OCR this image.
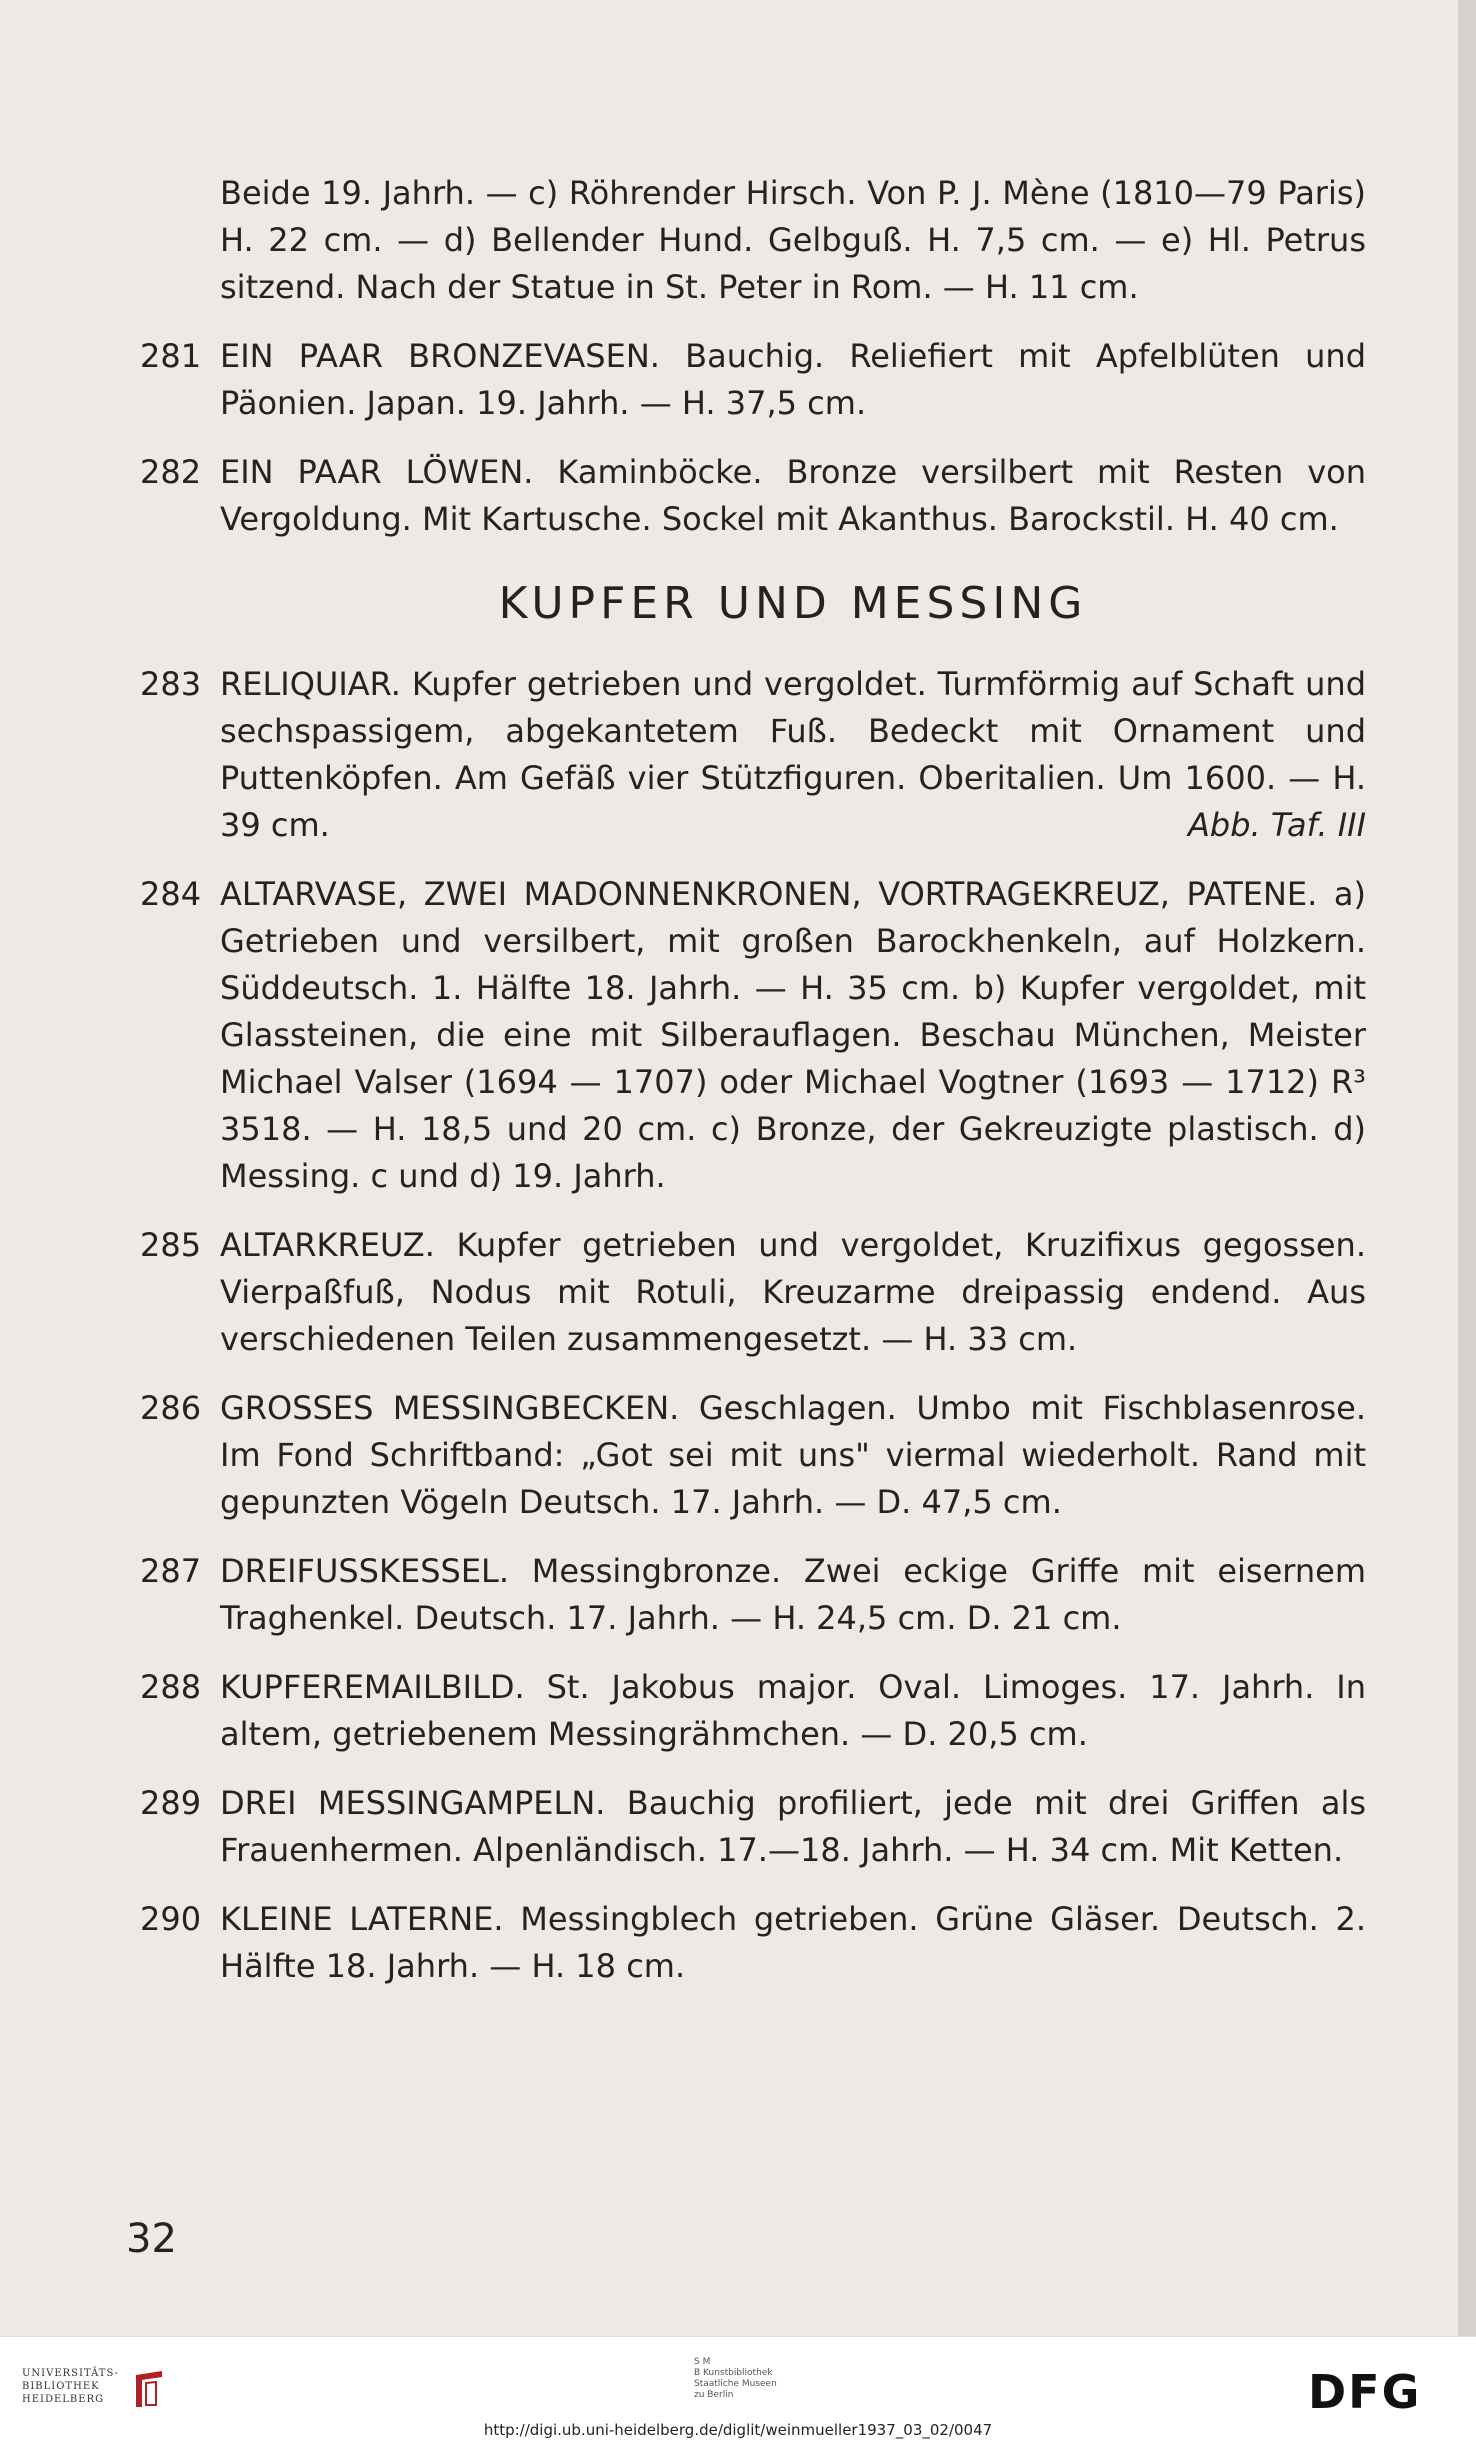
Beide 19. Jahrh. — c) Röhrender Hirsch. Von P. J. Mène (1810—79 Paris) H. 22 cm. — d) Bellender Hund. Gelbguß. H. 7,5 cm. — e) Hl. Petrus sitzend. Nach der Statue in St. Peter in Rom. — H. 11 cm.
281 EIN PAAR BRONZEVASEN. Bauchig. Reliefiert mit Apfelblüten und Päonien. Japan. 19. Jahrh. — H. 37,5 cm.
282 EIN PAAR LÖWEN. Kaminböcke. Bronze versilbert mit Resten von Vergoldung. Mit Kartusche. Sockel mit Akanthus. Barockstil. H. 40 cm.
KUPFER UND MESSING
283 RELIQUIAR. Kupfer getrieben und vergoldet. Turmförmig auf Schaft und sechspassigem, abgekantetem Fuß. Bedeckt mit Ornament und Puttenköpfen. Am Gefäß vier Stützfiguren. Oberitalien. Um 1600. — H. 39 cm.	Abb. Taf. III
284 ALTARVASE, ZWEI MADONNENKRONEN, VORTRAGEKREUZ, PATENE. a) Getrieben und versilbert, mit großen Barockhenkeln, auf Holzkern. Süddeutsch. 1. Hälfte 18. Jahrh. — H. 35 cm. b) Kupfer vergoldet, mit Glassteinen, die eine mit Silberauflagen. Beschau München, Meister Michael Valser (1694 — 1707) oder Michael Vogtner (1693 — 1712) R³ 3518. — H. 18,5 und 20 cm. c) Bronze, der Gekreuzigte plastisch. d) Messing. c und d) 19. Jahrh.
285 ALTARKREUZ. Kupfer getrieben und vergoldet, Kruzifixus gegossen. Vierpaßfuß, Nodus mit Rotuli, Kreuzarme dreipassig endend. Aus verschiedenen Teilen zusammengesetzt. — H. 33 cm.
286 GROSSES MESSINGBECKEN. Geschlagen. Umbo mit Fischblasenrose. Im Fond Schriftband: „Got sei mit uns" viermal wiederholt. Rand mit gepunzten Vögeln Deutsch. 17. Jahrh. — D. 47,5 cm.
287 DREIFUSSKESSEL. Messingbronze. Zwei eckige Griffe mit eisernem Traghenkel. Deutsch. 17. Jahrh. — H. 24,5 cm. D. 21 cm.
288 KUPFEREMAILBILD. St. Jakobus major. Oval. Limoges. 17. Jahrh. In altem, getriebenem Messingrähmchen. — D. 20,5 cm.
289 DREI MESSINGAMPELN. Bauchig profiliert, jede mit drei Griffen als Frauenhermen. Alpenländisch. 17.—18. Jahrh. — H. 34 cm. Mit Ketten.
290 KLEINE LATERNE. Messingblech getrieben. Grüne Gläser. Deutsch. 2. Hälfte 18. Jahrh. — H. 18 cm.
32
UNIVERSITÄTS- BIBLIOTHEK HEIDELBERG
S M
B Kunstbibliothek
Staatliche Museen
zu Berlin	DFG
http://digi.ub.uni-heidelberg.de/diglit/weinmueller1937_03_02/0047
